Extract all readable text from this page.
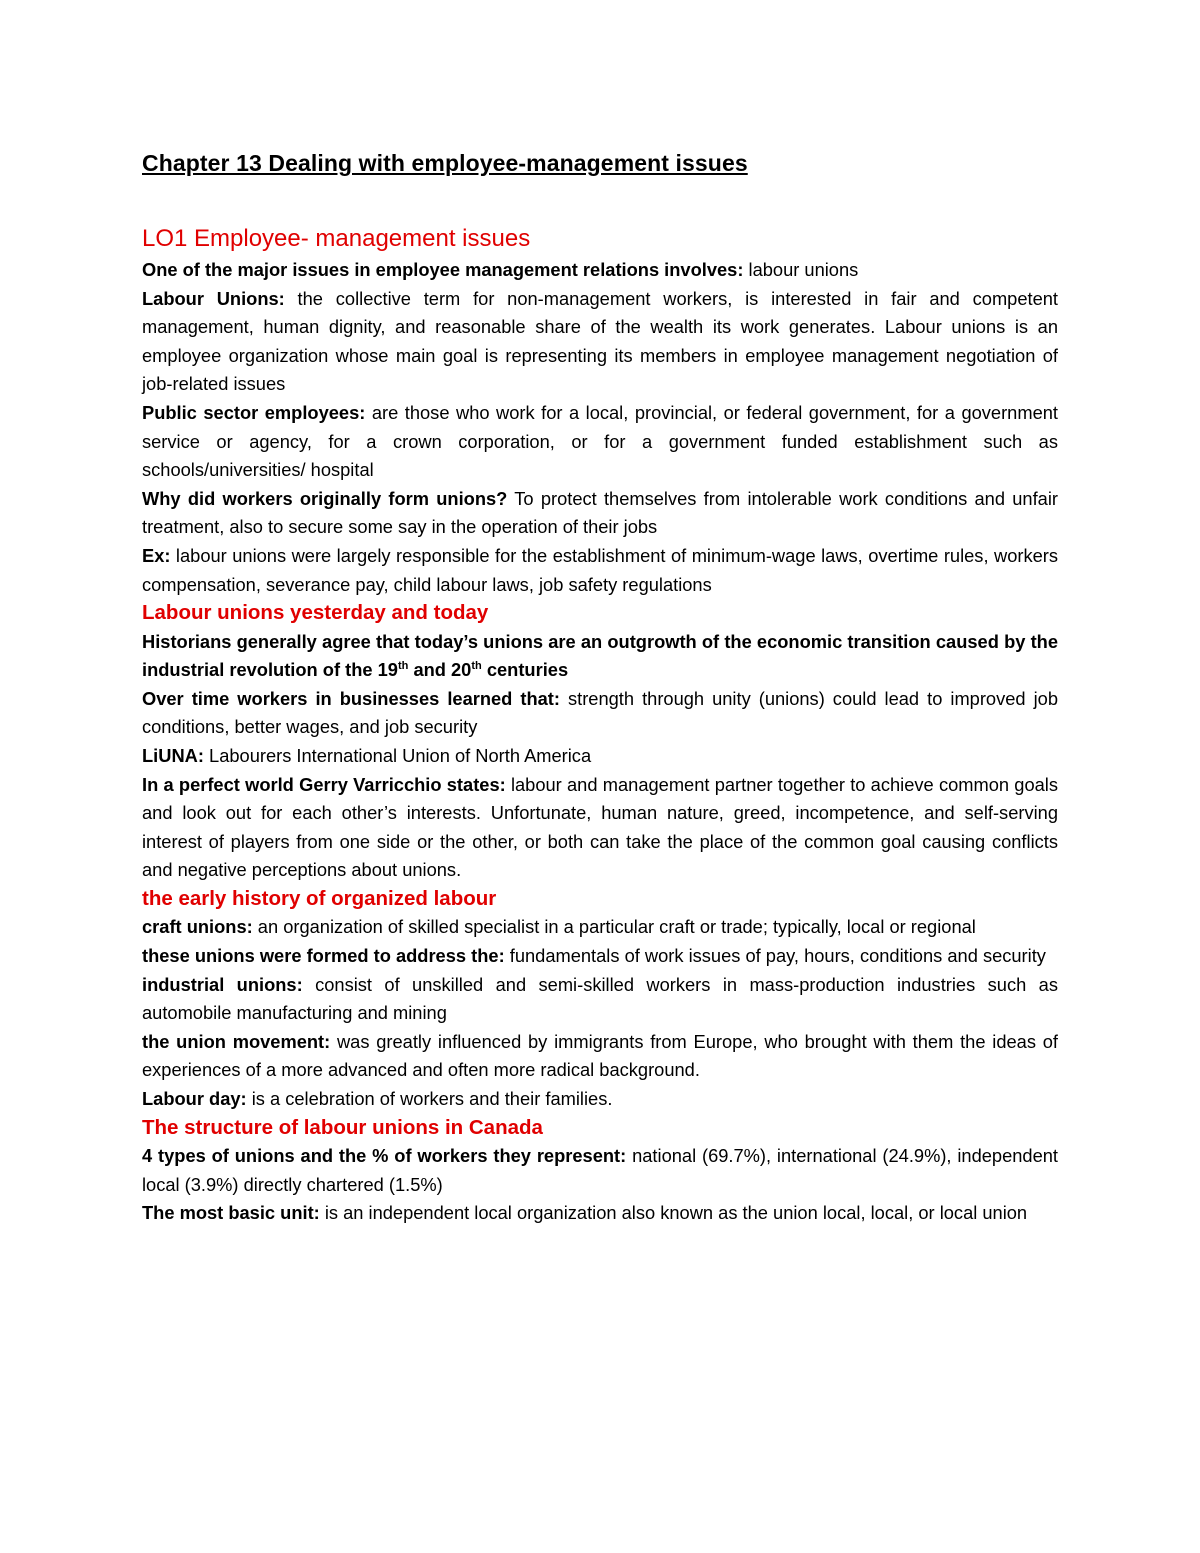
Chapter 13 Dealing with employee-management issues
LO1 Employee- management issues

One of the major issues in employee management relations involves: labour unions

Labour Unions: the collective term for non-management workers, is interested in fair and competent management, human dignity, and reasonable share of the wealth its work generates. Labour unions is an employee organization whose main goal is representing its members in employee management negotiation of job-related issues

Public sector employees: are those who work for a local, provincial, or federal government, for a government service or agency, for a crown corporation, or for a government funded establishment such as schools/universities/ hospital

Why did workers originally form unions? To protect themselves from intolerable work conditions and unfair treatment, also to secure some say in the operation of their jobs

Ex: labour unions were largely responsible for the establishment of minimum-wage laws, overtime rules, workers compensation, severance pay, child labour laws, job safety regulations

Labour unions yesterday and today

Historians generally agree that today’s unions are an outgrowth of the economic transition caused by the industrial revolution of the 19th and 20th centuries

Over time workers in businesses learned that: strength through unity (unions) could lead to improved job conditions, better wages, and job security

LiUNA: Labourers International Union of North America

In a perfect world Gerry Varricchio states: labour and management partner together to achieve common goals and look out for each other’s interests. Unfortunate, human nature, greed, incompetence, and self-serving interest of players from one side or the other, or both can take the place of the common goal causing conflicts and negative perceptions about unions.

the early history of organized labour

craft unions: an organization of skilled specialist in a particular craft or trade; typically, local or regional

these unions were formed to address the: fundamentals of work issues of pay, hours, conditions and security

industrial unions: consist of unskilled and semi-skilled workers in mass-production industries such as automobile manufacturing and mining

the union movement: was greatly influenced by immigrants from Europe, who brought with them the ideas of experiences of a more advanced and often more radical background.

Labour day: is a celebration of workers and their families.

The structure of labour unions in Canada

4 types of unions and the % of workers they represent: national (69.7%), international (24.9%), independent local (3.9%) directly chartered (1.5%)

The most basic unit: is an independent local organization also known as the union local, local, or local union
